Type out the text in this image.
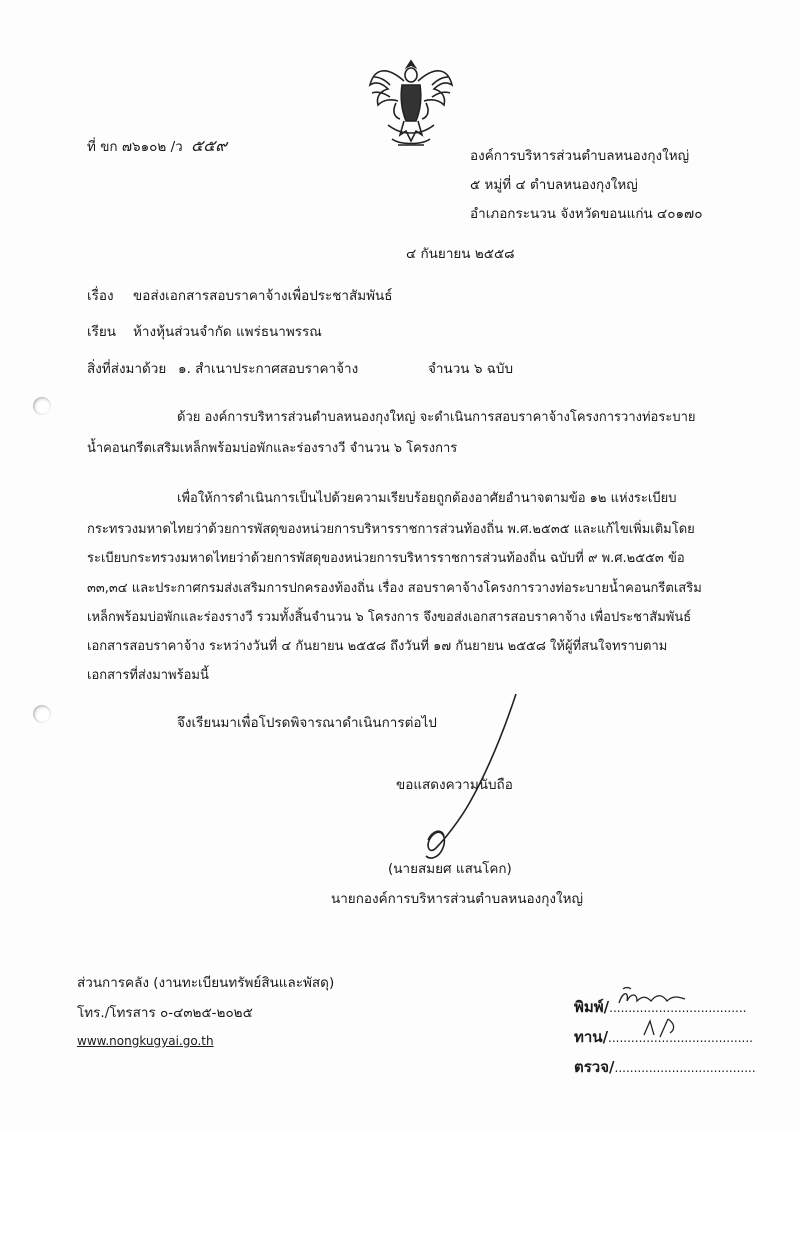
ที่ ขก ๗๖๑๐๒ /ว ๕๕๙
องค์การบริหารส่วนตำบลหนองกุงใหญ่
๕ หมู่ที่ ๔ ตำบลหนองกุงใหญ่
อำเภอกระนวน จังหวัดขอนแก่น ๔๐๑๗๐
๔ กันยายน ๒๕๕๘
เรื่อง ขอส่งเอกสารสอบราคาจ้างเพื่อประชาสัมพันธ์
เรียน ห้างหุ้นส่วนจำกัด แพร่ธนาพรรณ
สิ่งที่ส่งมาด้วย ๑. สำเนาประกาศสอบราคาจ้าง	จำนวน ๖ ฉบับ
ด้วย องค์การบริหารส่วนตำบลหนองกุงใหญ่ จะดำเนินการสอบราคาจ้างโครงการวางท่อระบาย
น้ำคอนกรีตเสริมเหล็กพร้อมบ่อพักและร่องรางวี จำนวน ๖ โครงการ
เพื่อให้การดำเนินการเป็นไปด้วยความเรียบร้อยถูกต้องอาศัยอำนาจตามข้อ ๑๒ แห่งระเบียบ
กระทรวงมหาดไทยว่าด้วยการพัสดุของหน่วยการบริหารราชการส่วนท้องถิ่น พ.ศ.๒๕๓๕ และแก้ไขเพิ่มเติมโดย
ระเบียบกระทรวงมหาดไทยว่าด้วยการพัสดุของหน่วยการบริหารราชการส่วนท้องถิ่น ฉบับที่ ๙ พ.ศ.๒๕๕๓ ข้อ
๓๓,๓๔ และประกาศกรมส่งเสริมการปกครองท้องถิ่น เรื่อง สอบราคาจ้างโครงการวางท่อระบายน้ำคอนกรีตเสริม
เหล็กพร้อมบ่อพักและร่องรางวี รวมทั้งสิ้นจำนวน ๖ โครงการ จึงขอส่งเอกสารสอบราคาจ้าง เพื่อประชาสัมพันธ์
เอกสารสอบราคาจ้าง ระหว่างวันที่ ๔ กันยายน ๒๕๕๘ ถึงวันที่ ๑๗ กันยายน ๒๕๕๘ ให้ผู้ที่สนใจทราบตาม
เอกสารที่ส่งมาพร้อมนี้
จึงเรียนมาเพื่อโปรดพิจารณาดำเนินการต่อไป
ขอแสดงความนับถือ
(นายสมยศ แสนโคก)
นายกองค์การบริหารส่วนตำบลหนองกุงใหญ่
ส่วนการคลัง (งานทะเบียนทรัพย์สินและพัสดุ)
โทร./โทรสาร ๐-๔๓๒๕-๒๐๒๕
www.nongkugyai.go.th
พิมพ์/....................................
ทาน/......................................
ตรวจ/.....................................
